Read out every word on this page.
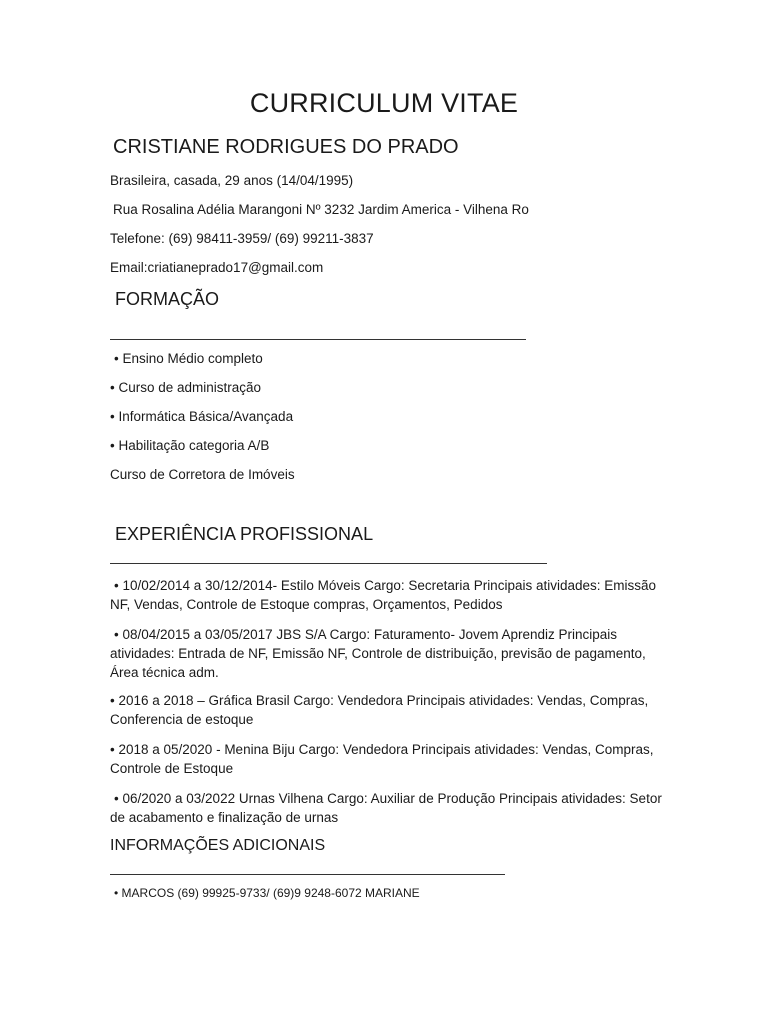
CURRICULUM VITAE
CRISTIANE RODRIGUES DO PRADO
Brasileira, casada, 29 anos (14/04/1995)
Rua Rosalina Adélia Marangoni Nº 3232 Jardim America - Vilhena Ro
Telefone: (69) 98411-3959/ (69) 99211-3837
Email:criatianeprado17@gmail.com
FORMAÇÃO
• Ensino Médio completo
• Curso de administração
• Informática Básica/Avançada
• Habilitação categoria A/B
Curso de Corretora de Imóveis
EXPERIÊNCIA PROFISSIONAL
• 10/02/2014 a 30/12/2014- Estilo Móveis Cargo: Secretaria Principais atividades: Emissão NF, Vendas, Controle de Estoque compras, Orçamentos, Pedidos
• 08/04/2015 a 03/05/2017 JBS S/A Cargo: Faturamento- Jovem Aprendiz Principais atividades: Entrada de NF, Emissão NF, Controle de distribuição, previsão de pagamento, Área técnica adm.
• 2016 a 2018 – Gráfica Brasil Cargo: Vendedora Principais atividades: Vendas, Compras, Conferencia de estoque
• 2018 a 05/2020 - Menina Biju Cargo: Vendedora Principais atividades: Vendas, Compras, Controle de Estoque
• 06/2020 a 03/2022 Urnas Vilhena Cargo: Auxiliar de Produção Principais atividades: Setor de acabamento e finalização de urnas
INFORMAÇÕES ADICIONAIS
• MARCOS (69) 99925-9733/ (69)9 9248-6072 MARIANE
